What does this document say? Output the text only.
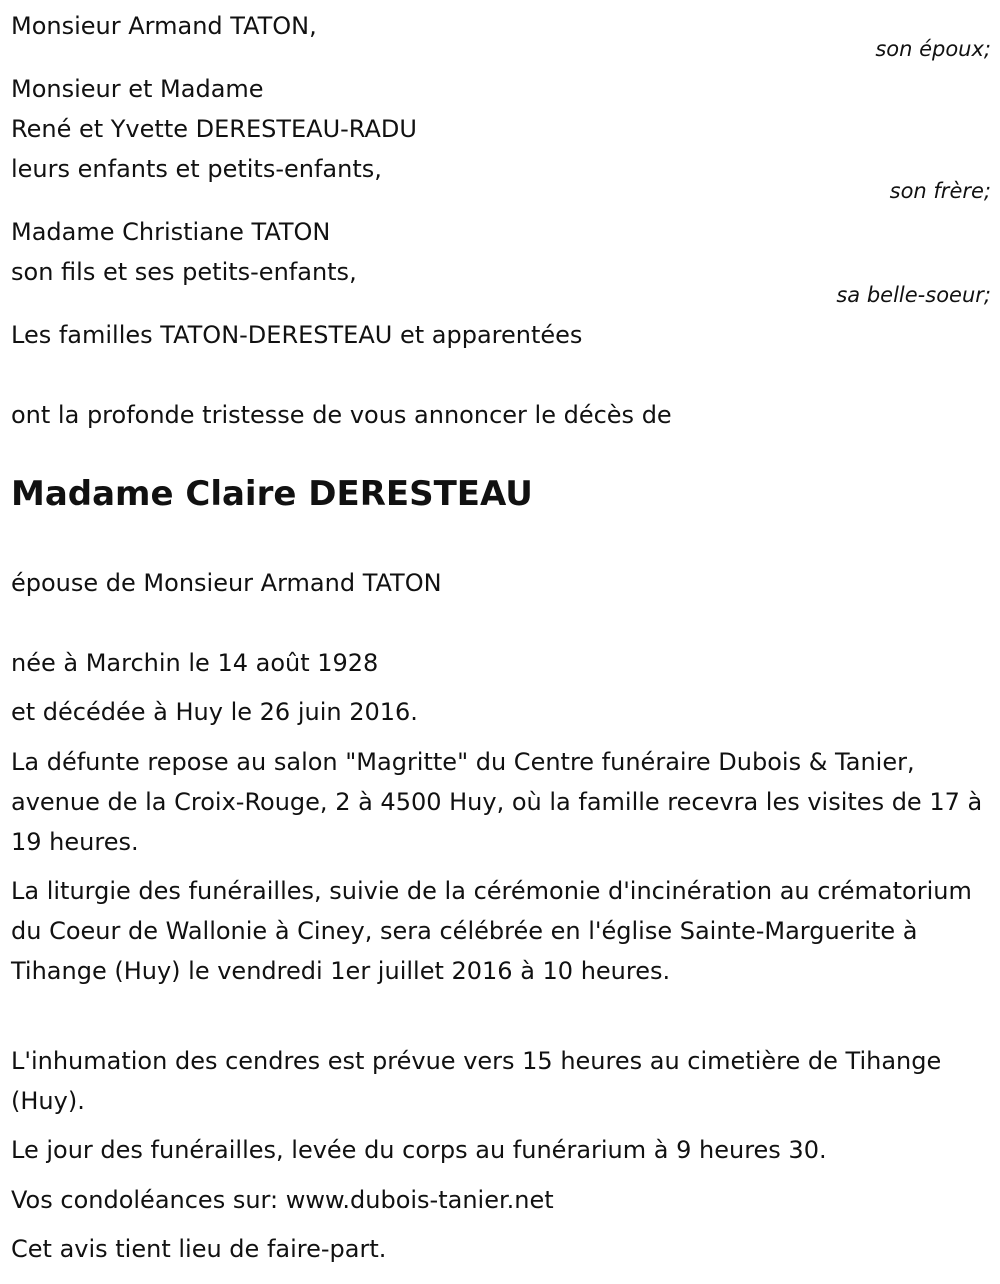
Monsieur Armand TATON,
son époux;
Monsieur et Madame
René et Yvette DERESTEAU-RADU
leurs enfants et petits-enfants,
son frère;
Madame Christiane TATON
son fils et ses petits-enfants,
sa belle-soeur;
Les familles TATON-DERESTEAU et apparentées
ont la profonde tristesse de vous annoncer le décès de
Madame Claire DERESTEAU
épouse de Monsieur Armand TATON
née à Marchin le 14 août 1928
et décédée à Huy le 26 juin 2016.
La défunte repose au salon "Magritte" du Centre funéraire Dubois & Tanier, avenue de la Croix-Rouge, 2 à 4500 Huy, où la famille recevra les visites de 17 à 19 heures.
La liturgie des funérailles, suivie de la cérémonie d'incinération au crématorium du Coeur de Wallonie à Ciney, sera célébrée en l'église Sainte-Marguerite à Tihange (Huy) le vendredi 1er juillet 2016 à 10 heures.
L'inhumation des cendres est prévue vers 15 heures au cimetière de Tihange (Huy).
Le jour des funérailles, levée du corps au funérarium à 9 heures 30.
Vos condoléances sur: www.dubois-tanier.net
Cet avis tient lieu de faire-part.
